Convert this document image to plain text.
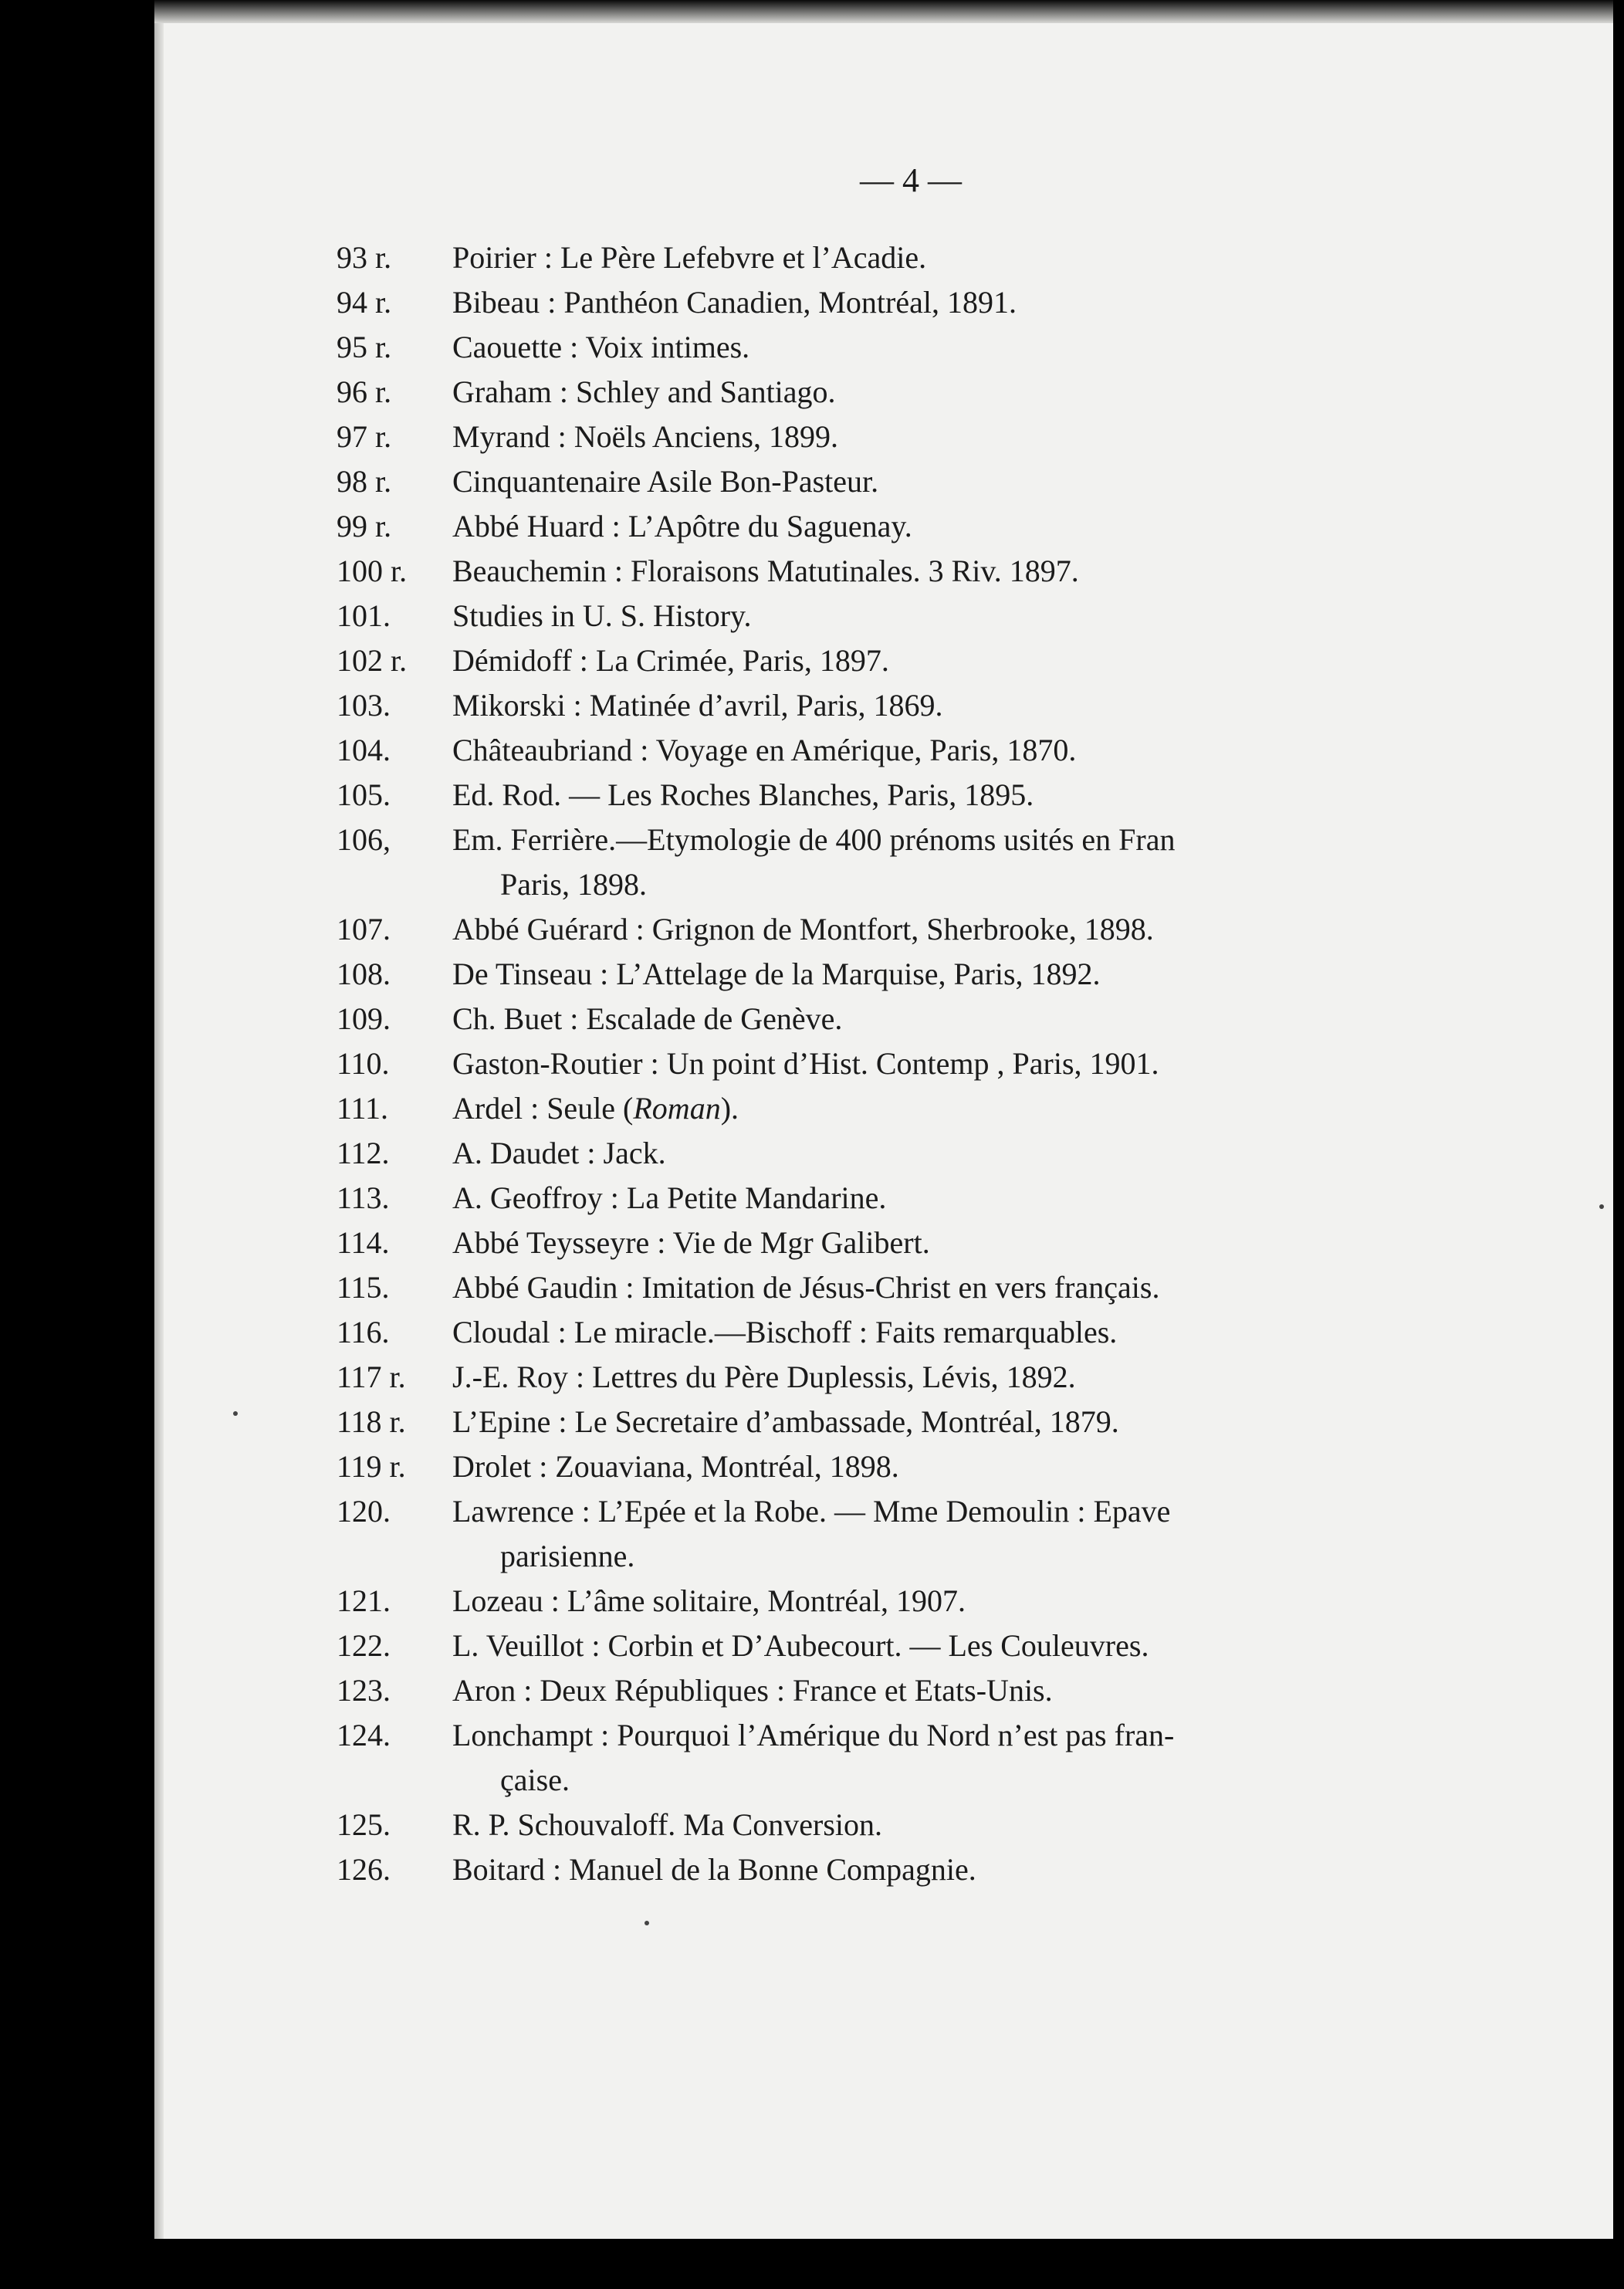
— 4 —
93 r.	Poirier : Le Père Lefebvre et l’Acadie.
94 r.	Bibeau : Panthéon Canadien, Montréal, 1891.
95 r.	Caouette : Voix intimes.
96 r.	Graham : Schley and Santiago.
97 r.	Myrand : Noëls Anciens, 1899.
98 r.	Cinquantenaire Asile Bon-Pasteur.
99 r.	Abbé Huard : L’Apôtre du Saguenay.
100 r.	Beauchemin : Floraisons Matutinales. 3 Riv. 1897.
101.	Studies in U. S. History.
102 r.	Démidoff : La Crimée, Paris, 1897.
103.	Mikorski : Matinée d’avril, Paris, 1869.
104.	Châteaubriand : Voyage en Amérique, Paris, 1870.
105.	Ed. Rod. — Les Roches Blanches, Paris, 1895.
106,	Em. Ferrière.—Etymologie de 400 prénoms usités en Fran
Paris, 1898.
107.	Abbé Guérard : Grignon de Montfort, Sherbrooke, 1898.
108.	De Tinseau : L’Attelage de la Marquise, Paris, 1892.
109.	Ch. Buet : Escalade de Genève.
110.	Gaston-Routier : Un point d’Hist. Contemp , Paris, 1901.
111.	Ardel : Seule (Roman).
112.	A. Daudet : Jack.
113.	A. Geoffroy : La Petite Mandarine.
114.	Abbé Teysseyre : Vie de Mgr Galibert.
115.	Abbé Gaudin : Imitation de Jésus-Christ en vers français.
116.	Cloudal : Le miracle.—Bischoff : Faits remarquables.
117 r.	J.-E. Roy : Lettres du Père Duplessis, Lévis, 1892.
118 r.	L’Epine : Le Secretaire d’ambassade, Montréal, 1879.
119 r.	Drolet : Zouaviana, Montréal, 1898.
120.	Lawrence : L’Epée et la Robe. — Mme Demoulin : Epave
parisienne.
121.	Lozeau : L’âme solitaire, Montréal, 1907.
122.	L. Veuillot : Corbin et D’Aubecourt. — Les Couleuvres.
123.	Aron : Deux Républiques : France et Etats-Unis.
124.	Lonchampt : Pourquoi l’Amérique du Nord n’est pas fran-
çaise.
125.	R. P. Schouvaloff. Ma Conversion.
126.	Boitard : Manuel de la Bonne Compagnie.
